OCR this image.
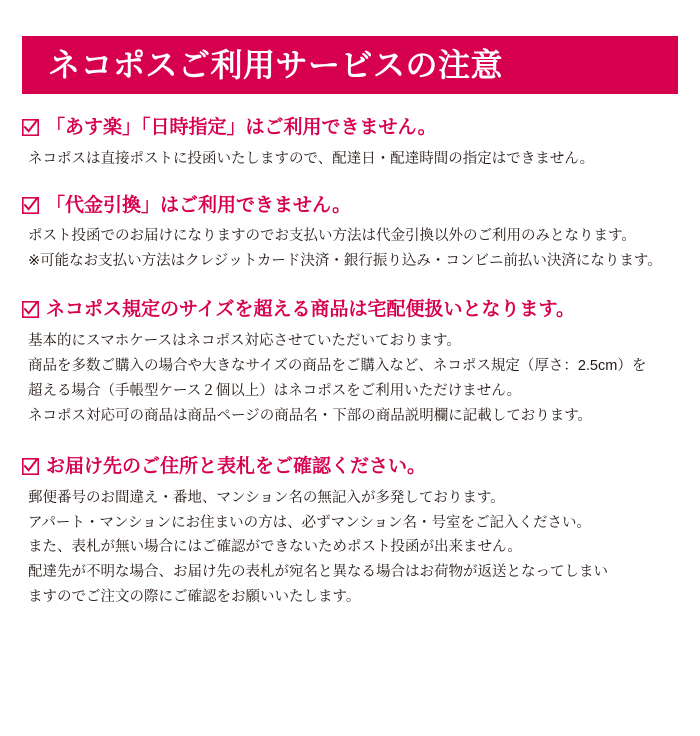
ネコポスご利用サービスの注意
「あす楽」「日時指定」はご利用できません。
ネコポスは直接ポストに投函いたしますので、配達日・配達時間の指定はできません。
「代金引換」はご利用できません。
ポスト投函でのお届けになりますのでお支払い方法は代金引換以外のご利用のみとなります。
※可能なお支払い方法はクレジットカード決済・銀行振り込み・コンビニ前払い決済になります。
ネコポス規定のサイズを超える商品は宅配便扱いとなります。
基本的にスマホケースはネコポス対応させていただいております。
商品を多数ご購入の場合や大きなサイズの商品をご購入など、ネコポス規定（厚さ：2.5cm）を
超える場合（手帳型ケース２個以上）はネコポスをご利用いただけません。
ネコポス対応可の商品は商品ページの商品名・下部の商品説明欄に記載しております。
お届け先のご住所と表札をご確認ください。
郵便番号のお間違え・番地、マンション名の無記入が多発しております。
アパート・マンションにお住まいの方は、必ずマンション名・号室をご記入ください。
また、表札が無い場合にはご確認ができないためポスト投函が出来ません。
配達先が不明な場合、お届け先の表札が宛名と異なる場合はお荷物が返送となってしまい
ますのでご注文の際にご確認をお願いいたします。
